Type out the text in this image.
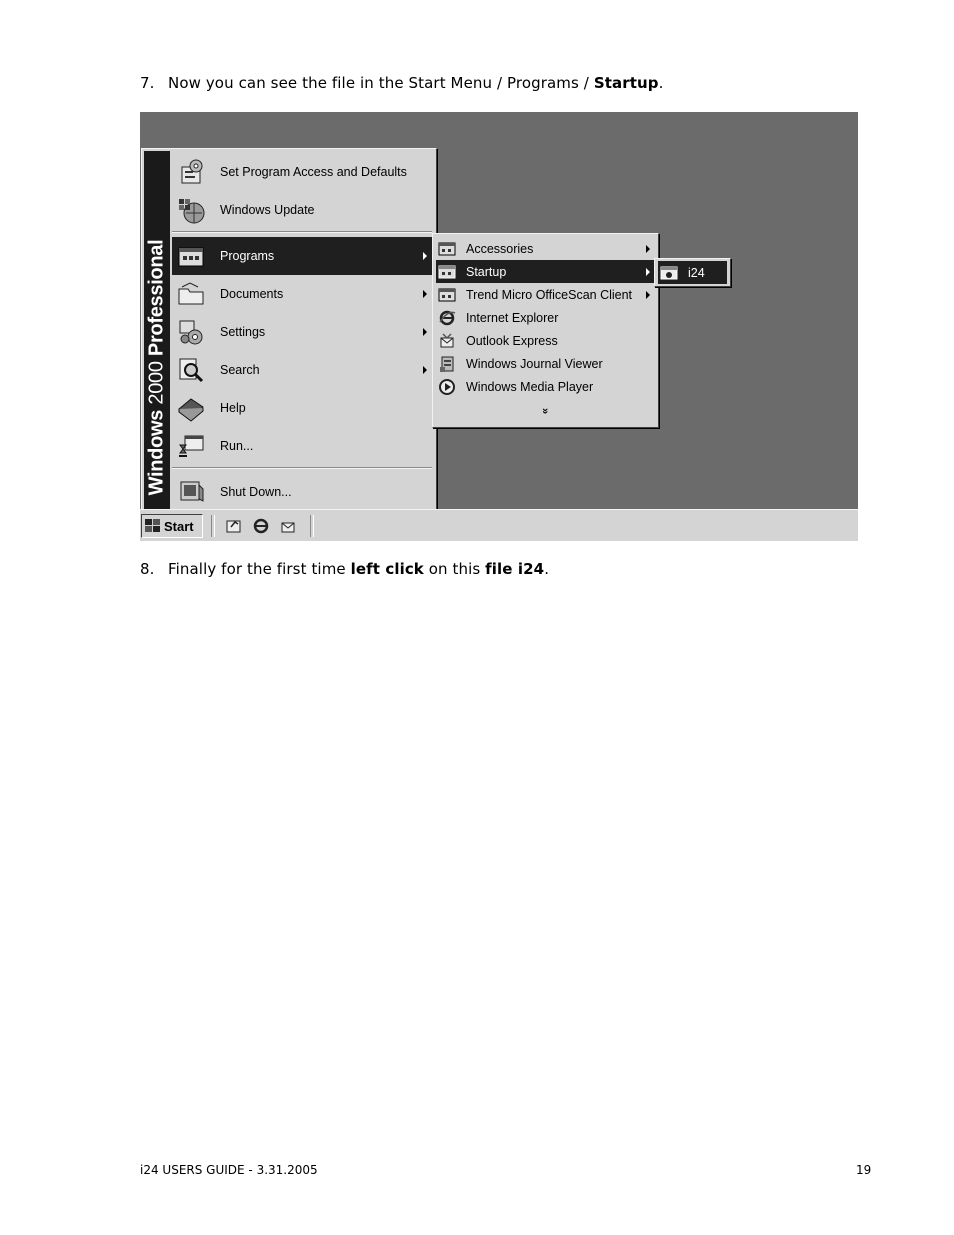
7. Now you can see the file in the Start Menu / Programs / Startup.
Windows 2000 Professional
Set Program Access and Defaults
Windows Update
Programs
Documents
Settings
Search
Help
Run...
Shut Down...
Accessories
Startup
Trend Micro OfficeScan Client
Internet Explorer
Outlook Express
Windows Journal Viewer
Windows Media Player
»
i24
Start
8. Finally for the first time left click on this file i24.
i24 USERS GUIDE - 3.31.2005	19
